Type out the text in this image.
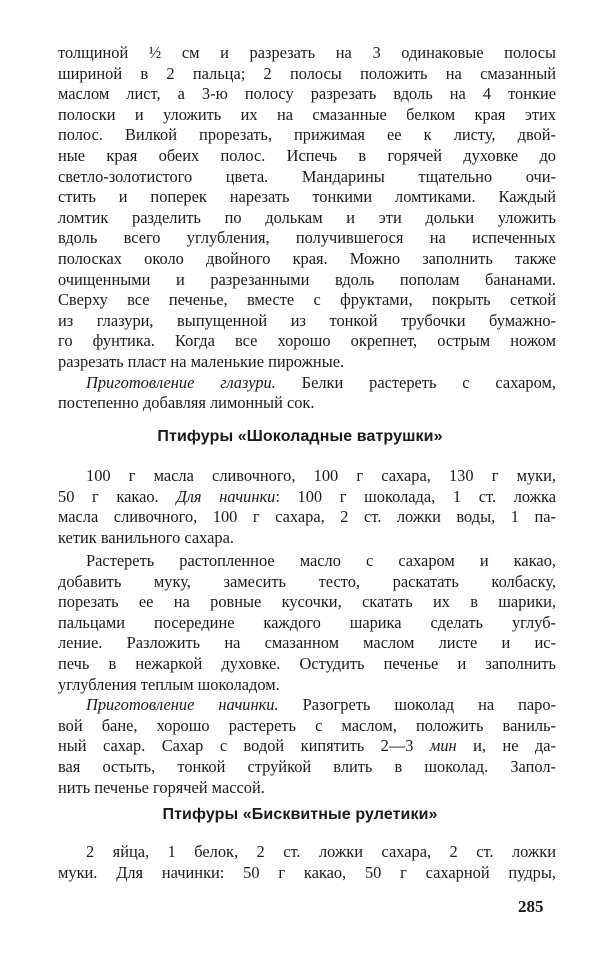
толщиной ½ см и разрезать на 3 одинаковые полосы
шириной в 2 пальца; 2 полосы положить на смазанный
маслом лист, а 3-ю полосу разрезать вдоль на 4 тонкие
полоски и уложить их на смазанные белком края этих
полос. Вилкой прорезать, прижимая ее к листу, двой-
ные края обеих полос. Испечь в горячей духовке до
светло-золотистого цвета. Мандарины тщательно очи-
стить и поперек нарезать тонкими ломтиками. Каждый
ломтик разделить по долькам и эти дольки уложить
вдоль всего углубления, получившегося на испеченных
полосках около двойного края. Можно заполнить также
очищенными и разрезанными вдоль пополам бананами.
Сверху все печенье, вместе с фруктами, покрыть сеткой
из глазури, выпущенной из тонкой трубочки бумажно-
го фунтика. Когда все хорошо окрепнет, острым ножом
разрезать пласт на маленькие пирожные.
Приготовление глазури. Белки растереть с сахаром,
постепенно добавляя лимонный сок.

Птифуры «Шоколадные ватрушки»

100 г масла сливочного, 100 г сахара, 130 г муки,
50 г какао. Для начинки: 100 г шоколада, 1 ст. ложка
масла сливочного, 100 г сахара, 2 ст. ложки воды, 1 па-
кетик ванильного сахара.
Растереть растопленное масло с сахаром и какао,
добавить муку, замесить тесто, раскатать колбаску,
порезать ее на ровные кусочки, скатать их в шарики,
пальцами посередине каждого шарика сделать углуб-
ление. Разложить на смазанном маслом листе и ис-
печь в нежаркой духовке. Остудить печенье и заполнить
углубления теплым шоколадом.
Приготовление начинки. Разогреть шоколад на паро-
вой бане, хорошо растереть с маслом, положить ваниль-
ный сахар. Сахар с водой кипятить 2—3 мин и, не да-
вая остыть, тонкой струйкой влить в шоколад. Запол-
нить печенье горячей массой.

Птифуры «Бисквитные рулетики»

2 яйца, 1 белок, 2 ст. ложки сахара, 2 ст. ложки
муки. Для начинки: 50 г какао, 50 г сахарной пудры,

285
